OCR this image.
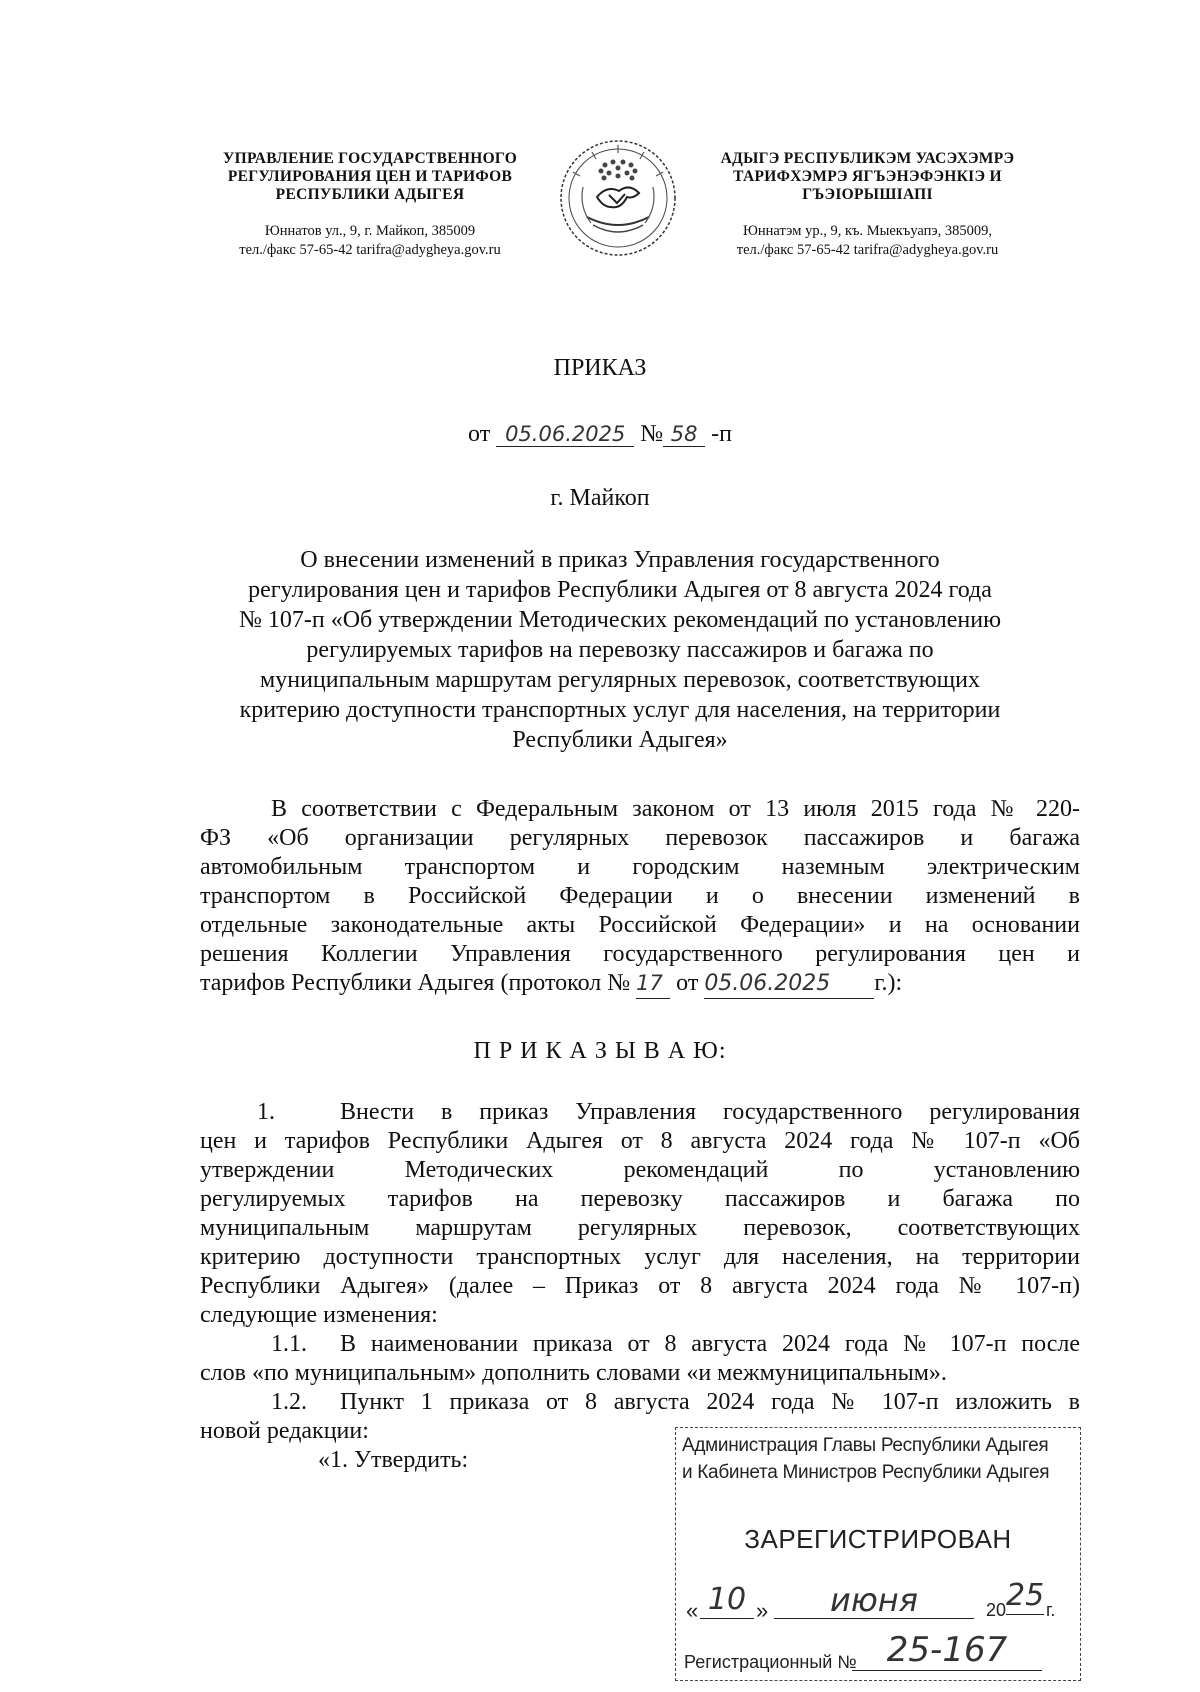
УПРАВЛЕНИЕ ГОСУДАРСТВЕННОГО
РЕГУЛИРОВАНИЯ ЦЕН И ТАРИФОВ
РЕСПУБЛИКИ АДЫГЕЯ
Юннатов ул., 9, г. Майкоп, 385009
тел./факс 57-65-42 tarifra@adygheya.gov.ru
АДЫГЭ РЕСПУБЛИКЭМ УАСЭХЭМРЭ
ТАРИФХЭМРЭ ЯГЪЭНЭФЭНКIЭ И
ГЪЭIОРЫШIАПI
Юннатэм ур., 9, къ. Мыекъуапэ, 385009,
тел./факс 57-65-42 tarifra@adygheya.gov.ru
ПРИКАЗ
от 05.06.2025 № 58 -п
г. Майкоп
О внесении изменений в приказ Управления государственного
регулирования цен и тарифов Республики Адыгея от 8 августа 2024 года
№ 107-п «Об утверждении Методических рекомендаций по установлению
регулируемых тарифов на перевозку пассажиров и багажа по
муниципальным маршрутам регулярных перевозок, соответствующих
критерию доступности транспортных услуг для населения, на территории
Республики Адыгея»
В соответствии с Федеральным законом от 13 июля 2015 года № 220-
ФЗ «Об организации регулярных перевозок пассажиров и багажа
автомобильным транспортом и городским наземным электрическим
транспортом в Российской Федерации и о внесении изменений в
отдельные законодательные акты Российской Федерации» и на основании
решения Коллегии Управления государственного регулирования цен и
тарифов Республики Адыгея (протокол № 17 от 05.06.2025 г.):
П Р И К А З Ы В А Ю:
1.	Внести в приказ Управления государственного регулирования
цен и тарифов Республики Адыгея от 8 августа 2024 года № 107-п «Об
утверждении Методических рекомендаций по установлению
регулируемых тарифов на перевозку пассажиров и багажа по
муниципальным маршрутам регулярных перевозок, соответствующих
критерию доступности транспортных услуг для населения, на территории
Республики Адыгея» (далее – Приказ от 8 августа 2024 года № 107-п)
следующие изменения:
1.1. В наименовании приказа от 8 августа 2024 года № 107-п после
слов «по муниципальным» дополнить словами «и межмуниципальным».
1.2. Пункт 1 приказа от 8 августа 2024 года № 107-п изложить в
новой редакции:
«1. Утвердить:
Администрация Главы Республики Адыгея
и Кабинета Министров Республики Адыгея
ЗАРЕГИСТРИРОВАН
« 10 »	июня	20 25 г.
Регистрационный № 25-167
